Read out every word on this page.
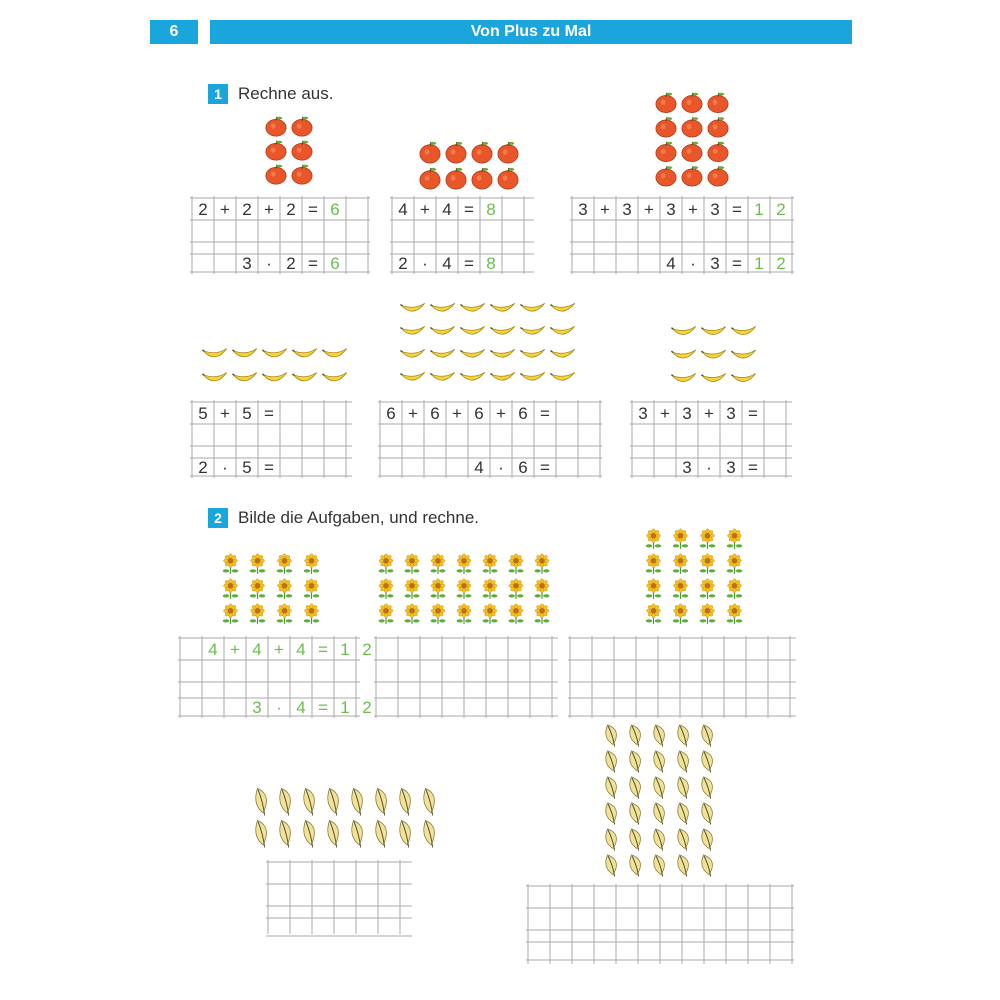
6	Von Plus zu Mal
1 Rechne aus.
2 Bilde die Aufgaben, und rechne.
2 + 2 + 2 = 6
3 · 2 = 6
4 + 4 = 8
2 · 4 = 8
3 + 3 + 3 + 3 = 1 2
4 · 3 = 1 2
5 + 5 =
2 · 5 =
6 + 6 + 6 + 6 =
4 · 6 =
3 + 3 + 3 =
3 · 3 =
4 + 4 + 4 = 1 2
3 · 4 = 1 2
